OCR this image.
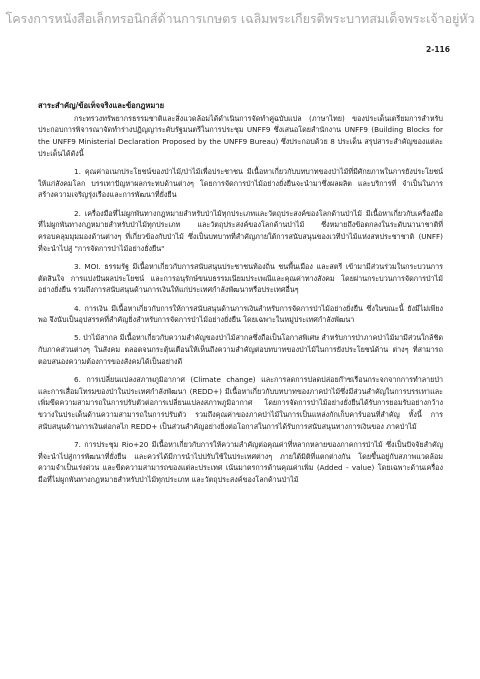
โครงการหนังสือเล็กทรอนิกส์ด้านการเกษตร เฉลิมพระเกียรติพระบาทสมเด็จพระเจ้าอยู่หัว
2-116
สาระสำคัญ/ข้อเท็จจริงและข้อกฎหมาย

กระทรวงทรัพยากรธรรมชาติและสิ่งแวดล้อมได้ดำเนินการจัดทำคู่ฉบับแปล (ภาษาไทย) ของประเด็นเตรียมการสำหรับประกอบการพิจารณาจัดทำร่างปฏิญญาระดับรัฐมนตรีในการประชุม UNFF9 ซึ่งเสนอโดยสำนักงาน UNFF9 (Building Blocks for the UNFF9 Ministerial Declaration Proposed by the UNFF9 Bureau) ซึ่งประกอบด้วย 8 ประเด็น สรุปสาระสำคัญของแต่ละประเด็นได้ดังนี้

1. คุณค่าอเนกประโยชน์ของป่าไม้/ป่าไม้เพื่อประชาชน มีเนื้อหาเกี่ยวกับบทบาทของป่าไม้ที่มีศักยภาพในการยังประโยชน์ให้แก่สังคมโลก บรรเทาปัญหาผลกระทบด้านต่างๆ โดยการจัดการป่าไม้อย่างยั่งยืนจะนำมาซึ่งผลผลิต และบริการที่ จำเป็นในการสร้างความเจริญรุ่งเรืองและการพัฒนาที่ยั่งยืน

2. เครื่องมือที่ไม่ผูกพันทางกฎหมายสำหรับป่าไม้ทุกประเภทและวัตถุประสงค์ของโลกด้านป่าไม้ มีเนื้อหาเกี่ยวกับเครื่องมือที่ไม่ผูกพันทางกฎหมายสำหรับป่าไม้ทุกประเภท และวัตถุประสงค์ของโลกด้านป่าไม้ ซึ่งหมายถึงข้อตกลงในระดับนานาชาติที่ครอบคลุมมุมมองด้านต่างๆ ที่เกี่ยวข้องกับป่าไม้ ซึ่งเป็นบทบาทที่สำคัญภายใต้การสนับสนุนของเวทีป่าไม้แห่งสหประชาชาติ (UNFF) ที่จะนำไปสู่ "การจัดการป่าไม้อย่างยั่งยืน"

3. MOI. ธรรมรัฐ มีเนื้อหาเกี่ยวกับการสนับสนุนประชาชนท้องถิ่น ชนพื้นเมือง และสตรี เข้ามามีส่วนร่วมในกระบวนการตัดสินใจ การแบ่งปันผลประโยชน์ และการอนุรักษ์ขนบธรรมเนียมประเพณีและคุณค่าทางสังคม โดยผ่านกระบวนการจัดการป่าไม้อย่างยั่งยืน รวมถึงการสนับสนุนด้านการเงินให้แก่ประเทศกำลังพัฒนาหรือประเทศอื่นๆ

4. การเงิน มีเนื้อหาเกี่ยวกับการให้การสนับสนุนด้านการเงินสำหรับการจัดการป่าไม้อย่างยั่งยืน ซึ่งในขณะนี้ ยังมีไม่เพียงพอ จึงนับเป็นอุปสรรคที่สำคัญยิ่งสำหรับการจัดการป่าไม้อย่างยั่งยืน โดยเฉพาะในหมู่ประเทศกำลังพัฒนา

5. ป่าไม้สากล มีเนื้อหาเกี่ยวกับความสำคัญของป่าไม้สากลซึ่งถือเป็นโอกาสพิเศษ สำหรับการป่าภาคป่าไม้มามีส่วนใกล้ชิดกับภาคส่วนต่างๆ ในสังคม ตลอดจนกระตุ้นเตือนให้เห็นถึงความสำคัญต่อบทบาทของป่าไม้ในการยังประโยชน์ด้าน ต่างๆ ที่สามารถตอบสนองความต้องการของสังคมได้เป็นอย่างดี

6. การเปลี่ยนแปลงสภาพภูมิอากาศ (Climate change) และการลดการปลดปล่อยก๊าซเรือนกระจกจากการทำลายป่าและการเสื่อมโทรมของป่าในประเทศกำลังพัฒนา (REDD+) มีเนื้อหาเกี่ยวกับบทบาทของภาคป่าไม้ซึ่งมีส่วนสำคัญในการบรรเทาและเพิ่มขีดความสามารถในการปรับตัวต่อการเปลี่ยนแปลงสภาพภูมิอากาศ โดยการจัดการป่าไม้อย่างยั่งยืนได้รับการยอมรับอย่างกว้างขวางในประเด็นด้านความสามารถในการปรับตัว รวมถึงคุณค่าของภาคป่าไม้ในการเป็นแหล่งกักเก็บคาร์บอนที่สำคัญ ทั้งนี้ การสนับสนุนด้านการเงินต่อกลไก REDD+ เป็นส่วนสำคัญอย่างยิ่งต่อโอกาสในการได้รับการสนับสนุนทางการเงินของ ภาคป่าไม้

7. การประชุม Rio+20 มีเนื้อหาเกี่ยวกับการให้ความสำคัญต่อคุณค่าที่หลากหลายของภาคการป่าไม้ ซึ่งเป็นปัจจัยสำคัญที่จะนำไปสู่การพัฒนาที่ยั่งยืน และควรได้มีการนำไปปรับใช้ในประเทศต่างๆ ภายใต้มิติที่แตกต่างกัน โดยขึ้นอยู่กับสภาพแวดล้อม ความจำเป็นเร่งด่วน และขีดความสามารถของแต่ละประเทศ เน้นมาตรการด้านคุณค่าเพิ่ม (Added - value) โดยเฉพาะด้านเครื่องมือที่ไม่ผูกพันทางกฎหมายสำหรับป่าไม้ทุกประเภท และวัตถุประสงค์ของโลกด้านป่าไม้
